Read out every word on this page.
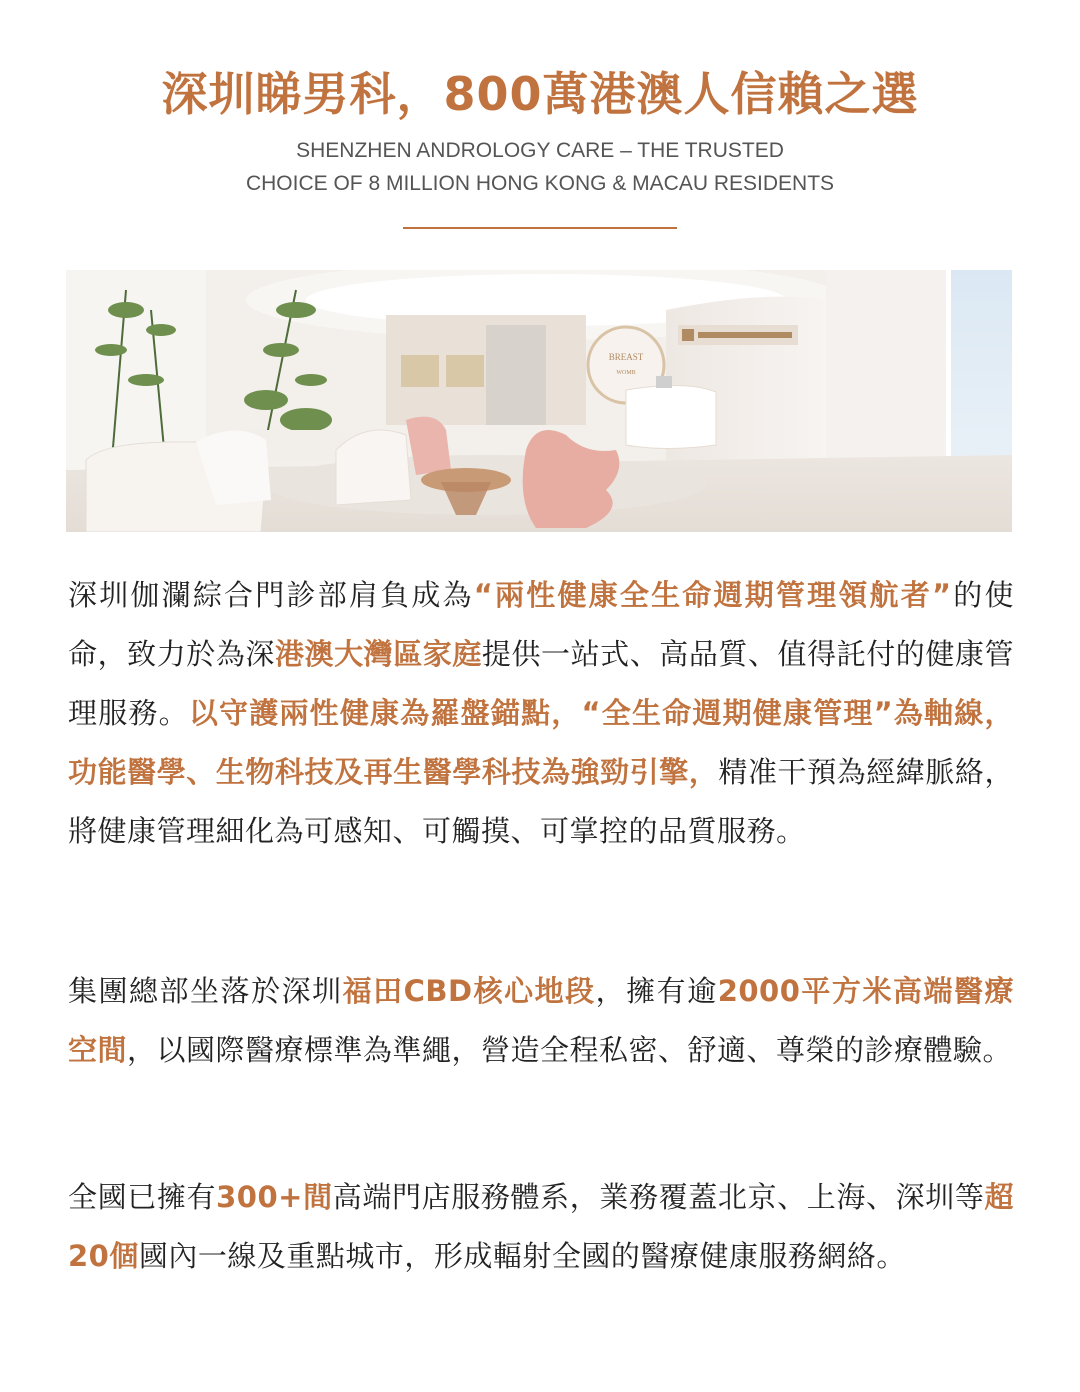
深圳睇男科，800萬港澳人信賴之選
SHENZHEN ANDROLOGY CARE – THE TRUSTED
CHOICE OF 8 MILLION HONG KONG & MACAU RESIDENTS
BREAST
WOMB

深圳伽瀾綜合門診部肩負成為“兩性健康全生命週期管理領航者”的使命，致力於為深港澳大灣區家庭提供一站式、高品質、值得託付的健康管理服務。以守護兩性健康為羅盤錨點，“全生命週期健康管理”為軸線，功能醫學、生物科技及再生醫學科技為強勁引擎，精准干預為經緯脈絡，將健康管理細化為可感知、可觸摸、可掌控的品質服務。

集團總部坐落於深圳福田CBD核心地段，擁有逾2000平方米高端醫療空間，以國際醫療標準為準繩，營造全程私密、舒適、尊榮的診療體驗。

全國已擁有300+間高端門店服務體系，業務覆蓋北京、上海、深圳等超20個國內一線及重點城市，形成輻射全國的醫療健康服務網絡。
